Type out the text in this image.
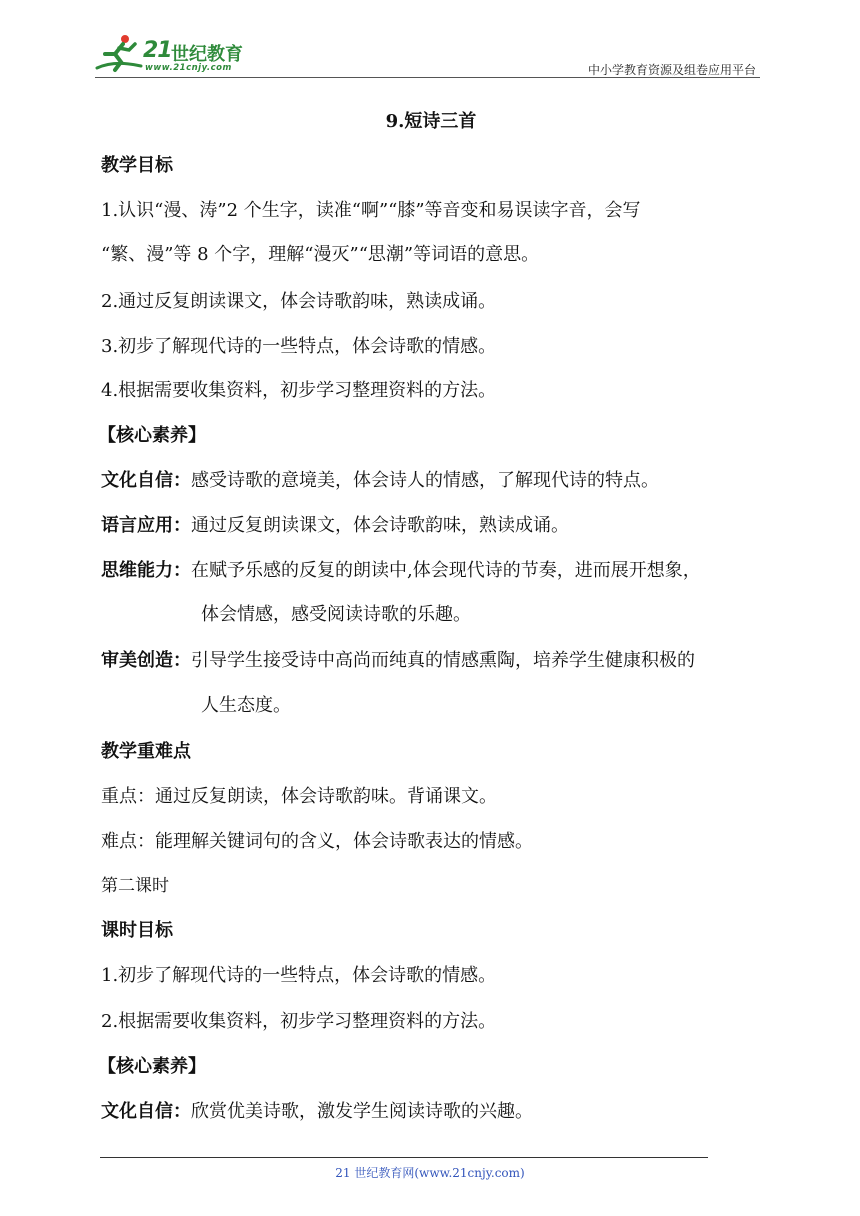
21 世纪教育
www.21cnjy.com	中小学教育资源及组卷应用平台
9.短诗三首
教学目标
1.认识“漫、涛”2 个生字，读准“啊”“膝”等音变和易误读字音，会写
“繁、漫”等 8 个字，理解“漫灭”“思潮”等词语的意思。
2.通过反复朗读课文，体会诗歌韵味，熟读成诵。
3.初步了解现代诗的一些特点，体会诗歌的情感。
4.根据需要收集资料，初步学习整理资料的方法。
【核心素养】
文化自信：感受诗歌的意境美，体会诗人的情感，了解现代诗的特点。
语言应用：通过反复朗读课文，体会诗歌韵味，熟读成诵。
思维能力：在赋予乐感的反复的朗读中,体会现代诗的节奏，进而展开想象，
体会情感，感受阅读诗歌的乐趣。
审美创造：引导学生接受诗中高尚而纯真的情感熏陶，培养学生健康积极的
人生态度。
教学重难点
重点：通过反复朗读，体会诗歌韵味。背诵课文。
难点：能理解关键词句的含义，体会诗歌表达的情感。
第二课时
课时目标
1.初步了解现代诗的一些特点，体会诗歌的情感。
2.根据需要收集资料，初步学习整理资料的方法。
【核心素养】
文化自信：欣赏优美诗歌，激发学生阅读诗歌的兴趣。
21 世纪教育网(www.21cnjy.com)
